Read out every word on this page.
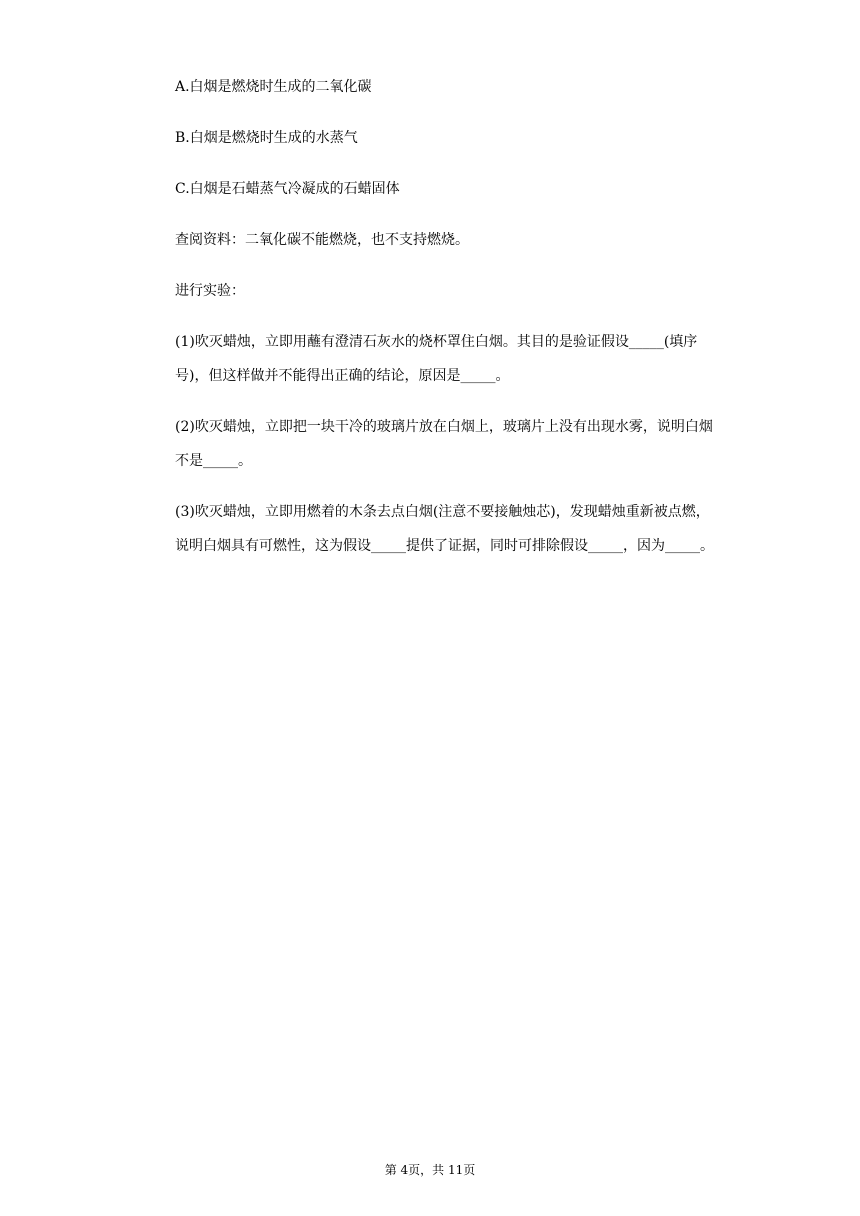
A.白烟是燃烧时生成的二氧化碳

B.白烟是燃烧时生成的水蒸气

C.白烟是石蜡蒸气冷凝成的石蜡固体

查阅资料：二氧化碳不能燃烧，也不支持燃烧。

进行实验：

(1)吹灭蜡烛，立即用蘸有澄清石灰水的烧杯罩住白烟。其目的是验证假设_____(填序号)，但这样做并不能得出正确的结论，原因是_____。

(2)吹灭蜡烛，立即把一块干冷的玻璃片放在白烟上，玻璃片上没有出现水雾，说明白烟不是_____。

(3)吹灭蜡烛，立即用燃着的木条去点白烟(注意不要接触烛芯)，发现蜡烛重新被点燃，说明白烟具有可燃性，这为假设_____提供了证据，同时可排除假设_____，因为_____。

第 4页，共 11页
